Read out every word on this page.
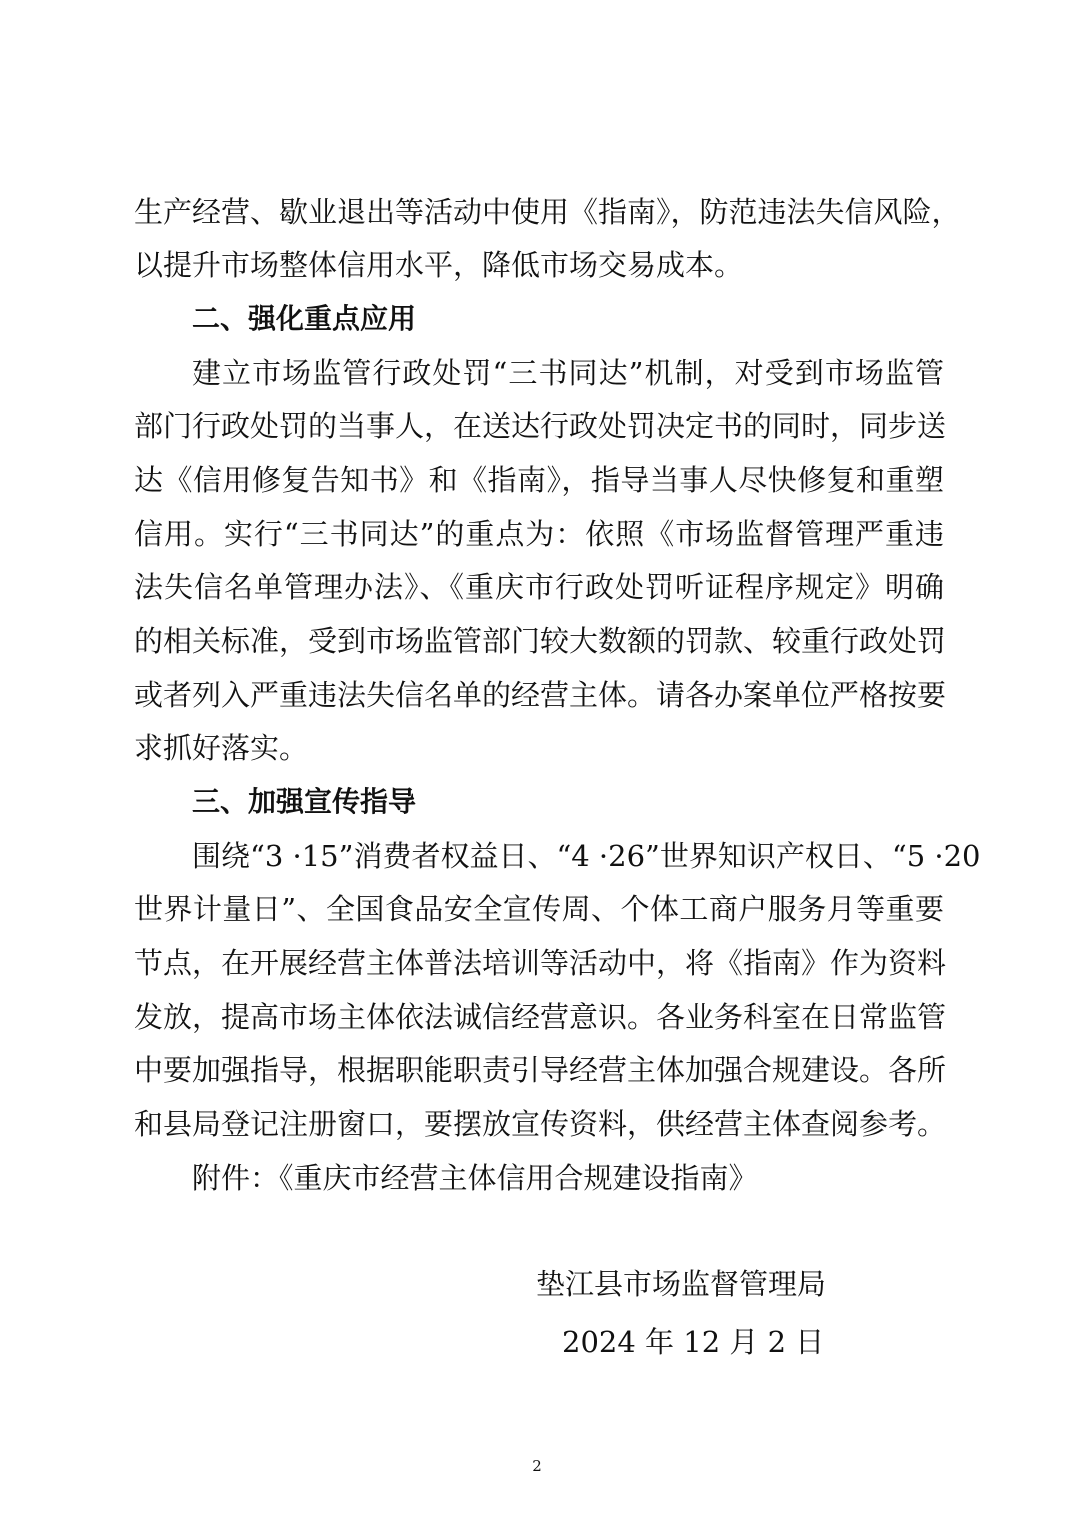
生产经营、歇业退出等活动中使用《指南》，防范违法失信风险，
以提升市场整体信用水平，降低市场交易成本。
二、强化重点应用
建立市场监管行政处罚“三书同达”机制，对受到市场监管
部门行政处罚的当事人，在送达行政处罚决定书的同时，同步送
达《信用修复告知书》和《指南》，指导当事人尽快修复和重塑
信用。实行“三书同达”的重点为：依照《市场监督管理严重违
法失信名单管理办法》、《重庆市行政处罚听证程序规定》明确
的相关标准，受到市场监管部门较大数额的罚款、较重行政处罚
或者列入严重违法失信名单的经营主体。请各办案单位严格按要
求抓好落实。
三、加强宣传指导
围绕“3 ·15”消费者权益日、“4 ·26”世界知识产权日、“5 ·20
世界计量日”、全国食品安全宣传周、个体工商户服务月等重要
节点，在开展经营主体普法培训等活动中，将《指南》作为资料
发放，提高市场主体依法诚信经营意识。各业务科室在日常监管
中要加强指导，根据职能职责引导经营主体加强合规建设。各所
和县局登记注册窗口，要摆放宣传资料，供经营主体查阅参考。
附件：《重庆市经营主体信用合规建设指南》
垫江县市场监督管理局
2024 年 12 月 2 日
2
